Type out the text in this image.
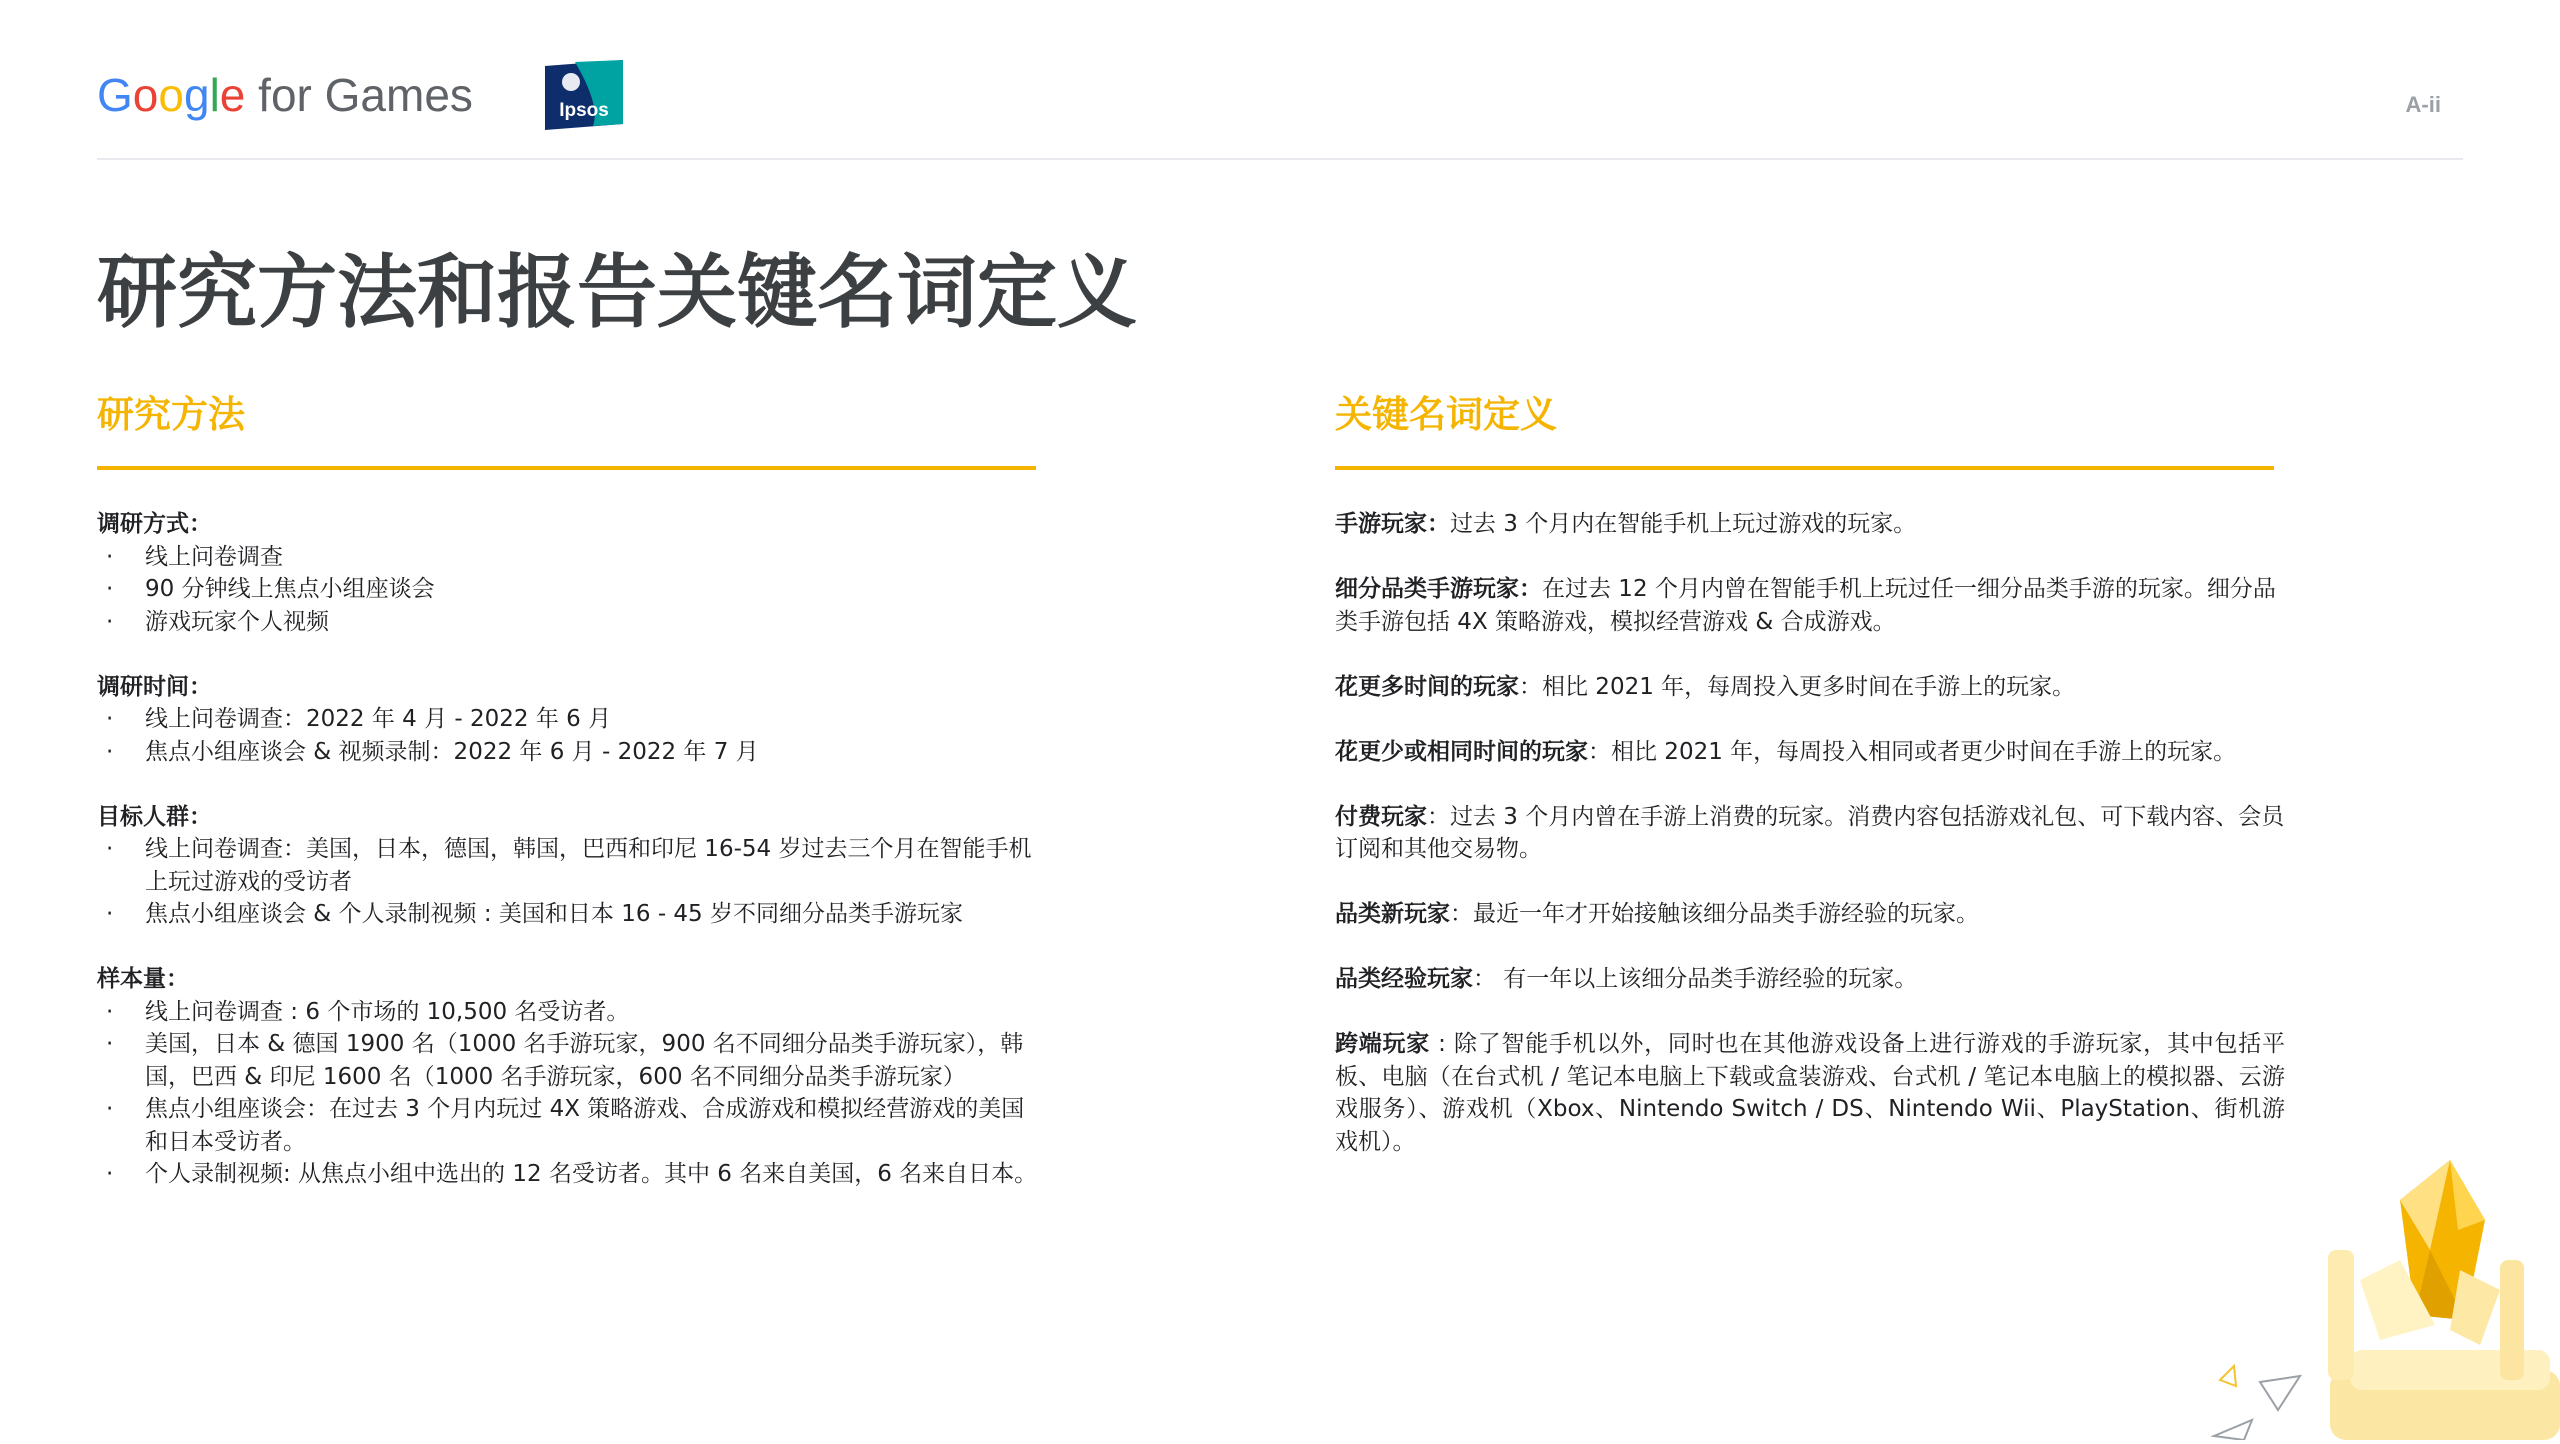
Google for Games	Ipsos	A-ii
研究方法和报告关键名词定义
研究方法	关键名词定义
调研方式：
· 线上问卷调查
· 90 分钟线上焦点小组座谈会
· 游戏玩家个人视频
调研时间：
· 线上问卷调查：2022 年 4 月 - 2022 年 6 月
· 焦点小组座谈会 & 视频录制：2022 年 6 月 - 2022 年 7 月
目标人群：
· 线上问卷调查：美国，日本，德国，韩国，巴西和印尼 16-54 岁过去三个月在智能手机上玩过游戏的受访者
· 焦点小组座谈会 & 个人录制视频 : 美国和日本 16 - 45 岁不同细分品类手游玩家
样本量：
· 线上问卷调查 : 6 个市场的 10,500 名受访者。
· 美国，日本 & 德国 1900 名（1000 名手游玩家，900 名不同细分品类手游玩家），韩国，巴西 & 印尼 1600 名（1000 名手游玩家，600 名不同细分品类手游玩家）
· 焦点小组座谈会：在过去 3 个月内玩过 4X 策略游戏、合成游戏和模拟经营游戏的美国和日本受访者。
· 个人录制视频: 从焦点小组中选出的 12 名受访者。其中 6 名来自美国，6 名来自日本。
手游玩家：过去 3 个月内在智能手机上玩过游戏的玩家。
细分品类手游玩家：在过去 12 个月内曾在智能手机上玩过任一细分品类手游的玩家。细分品类手游包括 4X 策略游戏，模拟经营游戏 & 合成游戏。
花更多时间的玩家：相比 2021 年，每周投入更多时间在手游上的玩家。
花更少或相同时间的玩家：相比 2021 年，每周投入相同或者更少时间在手游上的玩家。
付费玩家：过去 3 个月内曾在手游上消费的玩家。消费内容包括游戏礼包、可下载内容、会员订阅和其他交易物。
品类新玩家：最近一年才开始接触该细分品类手游经验的玩家。
品类经验玩家： 有一年以上该细分品类手游经验的玩家。
跨端玩家 : 除了智能手机以外，同时也在其他游戏设备上进行游戏的手游玩家，其中包括平板、电脑（在台式机 / 笔记本电脑上下载或盒装游戏、台式机 / 笔记本电脑上的模拟器、云游戏服务）、游戏机（Xbox、Nintendo Switch / DS、Nintendo Wii、PlayStation、街机游戏机）。
